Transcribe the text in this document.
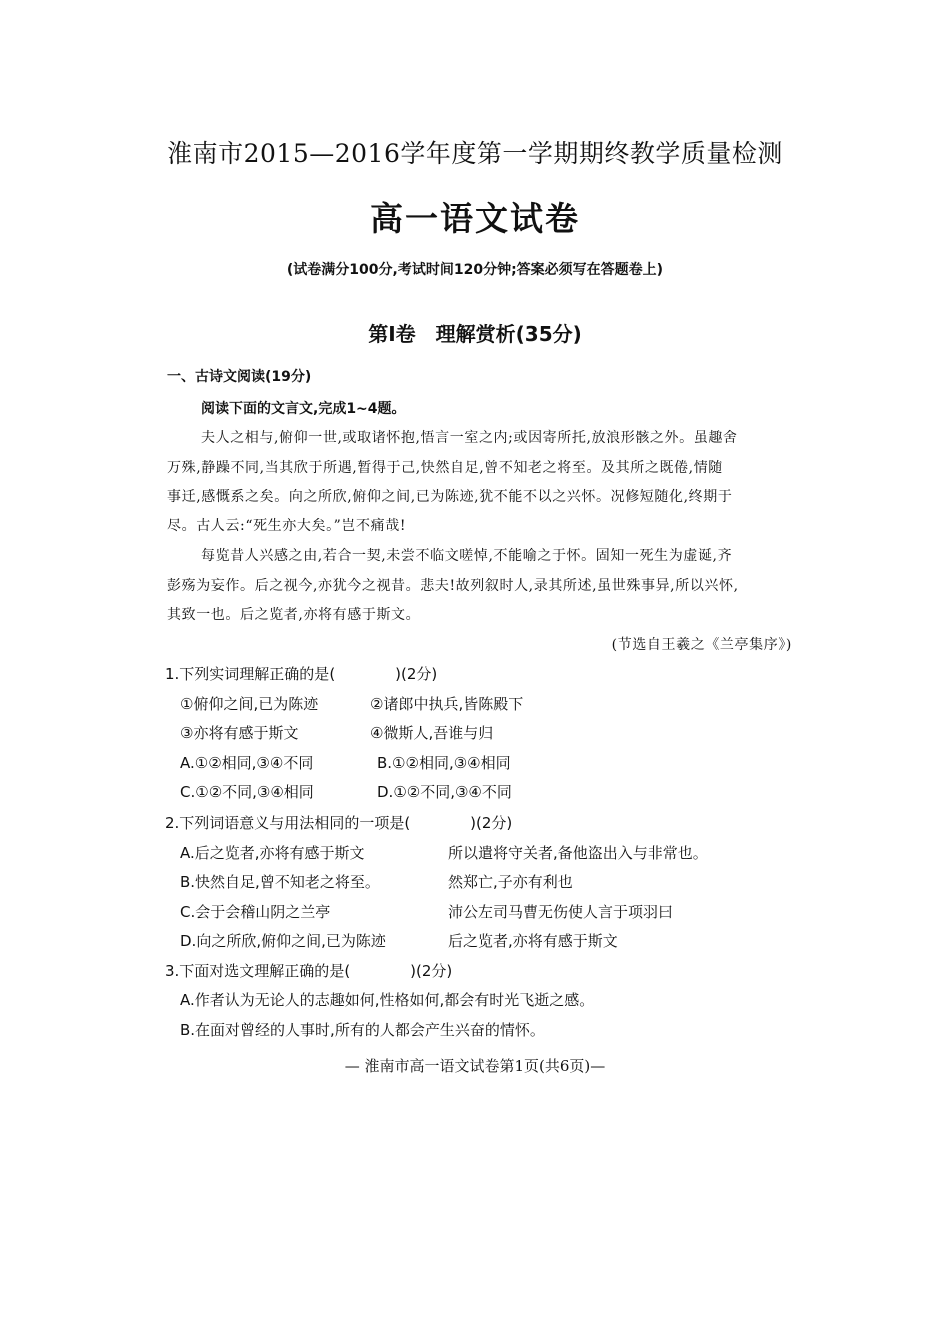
淮南市2015—2016学年度第一学期期终教学质量检测
高一语文试卷
(试卷满分100分,考试时间120分钟;答案必须写在答题卷上)
第Ⅰ卷　理解赏析(35分)
一、古诗文阅读(19分)
阅读下面的文言文,完成1~4题。
夫人之相与,俯仰一世,或取诸怀抱,悟言一室之内;或因寄所托,放浪形骸之外。虽趣舍
万殊,静躁不同,当其欣于所遇,暂得于己,快然自足,曾不知老之将至。及其所之既倦,情随
事迁,感慨系之矣。向之所欣,俯仰之间,已为陈迹,犹不能不以之兴怀。况修短随化,终期于
尽。古人云:“死生亦大矣。”岂不痛哉!
每览昔人兴感之由,若合一契,未尝不临文嗟悼,不能喻之于怀。固知一死生为虚诞,齐
彭殇为妄作。后之视今,亦犹今之视昔。悲夫!故列叙时人,录其所述,虽世殊事异,所以兴怀,
其致一也。后之览者,亦将有感于斯文。
(节选自王羲之《兰亭集序》)
1.下列实词理解正确的是(　　　　)(2分)
①俯仰之间,已为陈迹	②诸郎中执兵,皆陈殿下
③亦将有感于斯文	④微斯人,吾谁与归
A.①②相同,③④不同	B.①②相同,③④相同
C.①②不同,③④相同	D.①②不同,③④不同
2.下列词语意义与用法相同的一项是(　　　　)(2分)
A.后之览者,亦将有感于斯文	所以遣将守关者,备他盗出入与非常也。
B.快然自足,曾不知老之将至。	然郑亡,子亦有利也
C.会于会稽山阴之兰亭	沛公左司马曹无伤使人言于项羽曰
D.向之所欣,俯仰之间,已为陈迹	后之览者,亦将有感于斯文
3.下面对选文理解正确的是(　　　　)(2分)
A.作者认为无论人的志趣如何,性格如何,都会有时光飞逝之感。
B.在面对曾经的人事时,所有的人都会产生兴奋的情怀。
— 淮南市高一语文试卷第1页(共6页)—
